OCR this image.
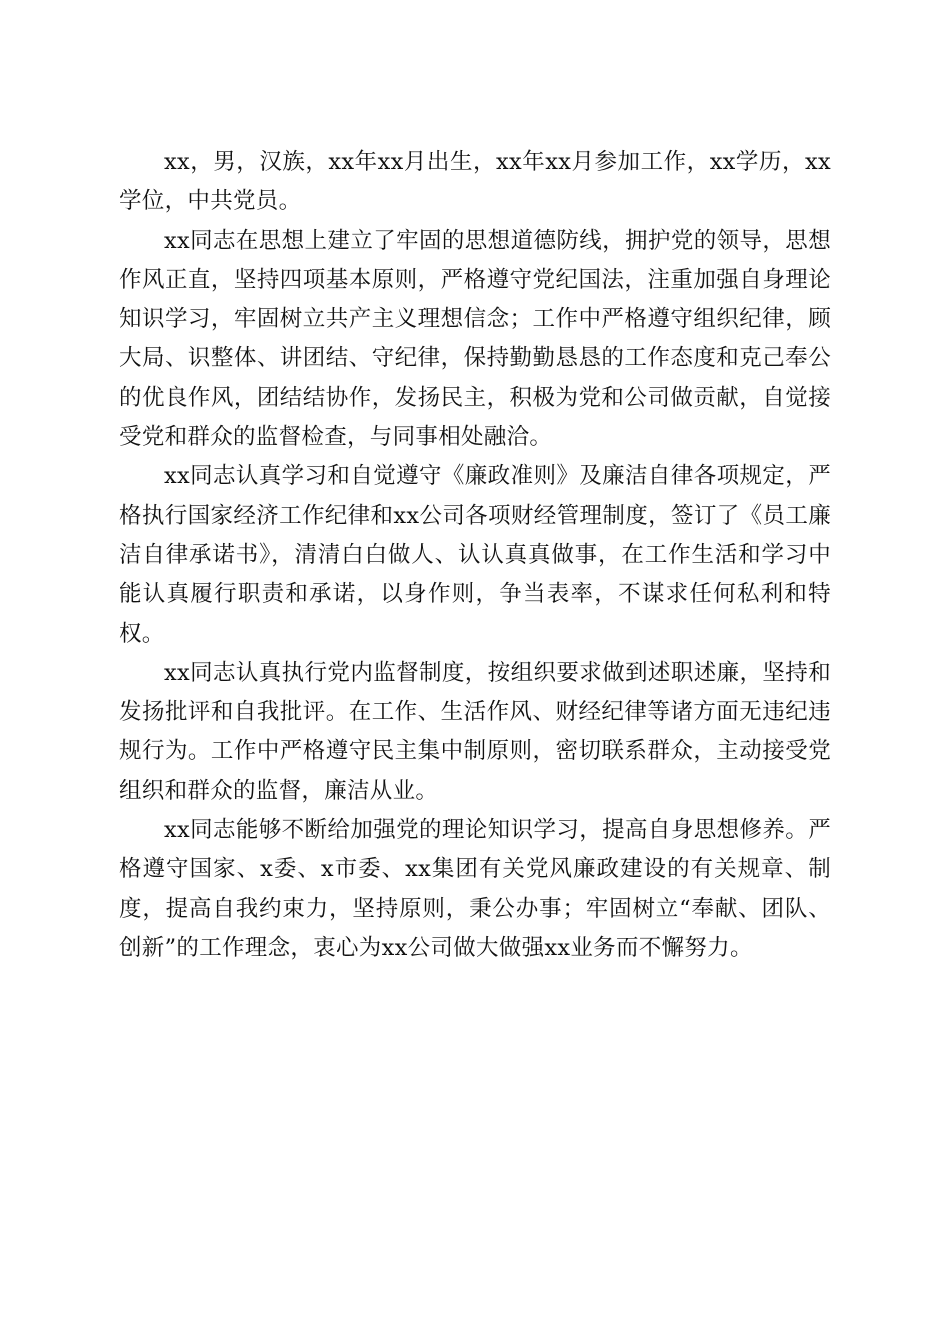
xx，男，汉族，xx年xx月出生，xx年xx月参加工作，xx学历，xx学位，中共党员。

xx同志在思想上建立了牢固的思想道德防线，拥护党的领导，思想作风正直，坚持四项基本原则，严格遵守党纪国法，注重加强自身理论知识学习，牢固树立共产主义理想信念；工作中严格遵守组织纪律，顾大局、识整体、讲团结、守纪律，保持勤勤恳恳的工作态度和克己奉公的优良作风，团结结协作，发扬民主，积极为党和公司做贡献，自觉接受党和群众的监督检查，与同事相处融洽。

xx同志认真学习和自觉遵守《廉政准则》及廉洁自律各项规定，严格执行国家经济工作纪律和xx公司各项财经管理制度，签订了《员工廉洁自律承诺书》，清清白白做人、认认真真做事，在工作生活和学习中能认真履行职责和承诺，以身作则，争当表率，不谋求任何私利和特权。

xx同志认真执行党内监督制度，按组织要求做到述职述廉，坚持和发扬批评和自我批评。在工作、生活作风、财经纪律等诸方面无违纪违规行为。工作中严格遵守民主集中制原则，密切联系群众，主动接受党组织和群众的监督，廉洁从业。

xx同志能够不断给加强党的理论知识学习，提高自身思想修养。严格遵守国家、x委、x市委、xx集团有关党风廉政建设的有关规章、制度，提高自我约束力，坚持原则，秉公办事；牢固树立“奉献、团队、创新”的工作理念，衷心为xx公司做大做强xx业务而不懈努力。
